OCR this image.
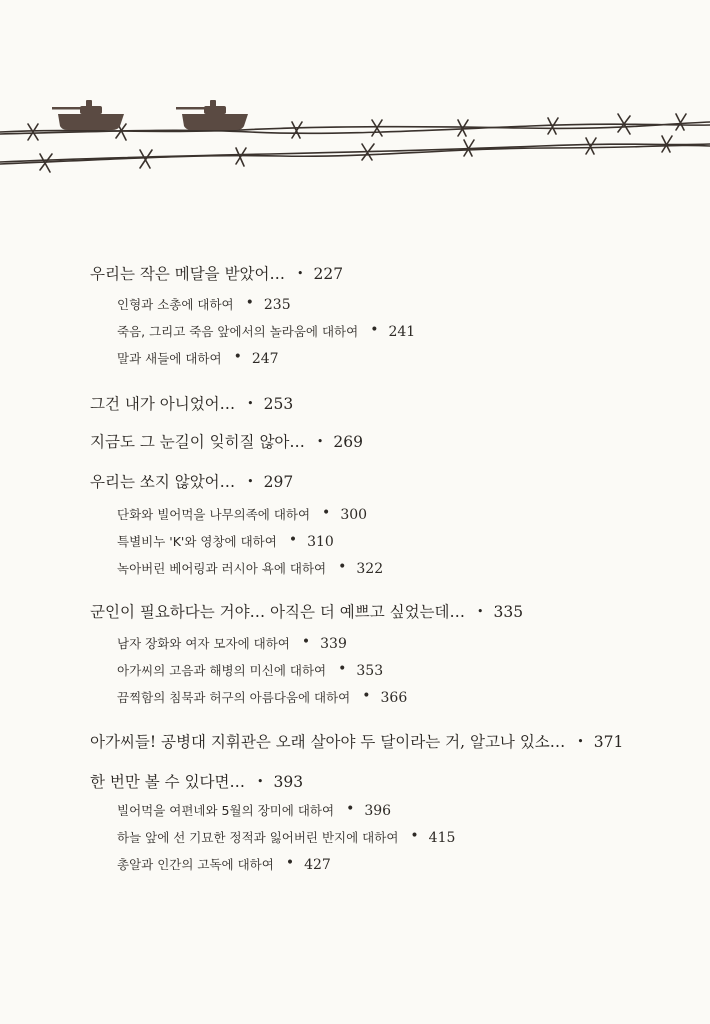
우리는 작은 메달을 받았어… • 227
인형과 소총에 대하여 • 235
죽음, 그리고 죽음 앞에서의 놀라움에 대하여 • 241
말과 새들에 대하여 • 247
그건 내가 아니었어… • 253
지금도 그 눈길이 잊히질 않아… • 269
우리는 쏘지 않았어… • 297
단화와 빌어먹을 나무의족에 대하여 • 300
특별비누 'K'와 영창에 대하여 • 310
녹아버린 베어링과 러시아 욕에 대하여 • 322
군인이 필요하다는 거야… 아직은 더 예쁘고 싶었는데… • 335
남자 장화와 여자 모자에 대하여 • 339
아가씨의 고음과 해병의 미신에 대하여 • 353
끔찍함의 침묵과 허구의 아름다움에 대하여 • 366
아가씨들! 공병대 지휘관은 오래 살아야 두 달이라는 거, 알고나 있소… • 371
한 번만 볼 수 있다면… • 393
빌어먹을 여편네와 5월의 장미에 대하여 • 396
하늘 앞에 선 기묘한 정적과 잃어버린 반지에 대하여 • 415
총알과 인간의 고독에 대하여 • 427
